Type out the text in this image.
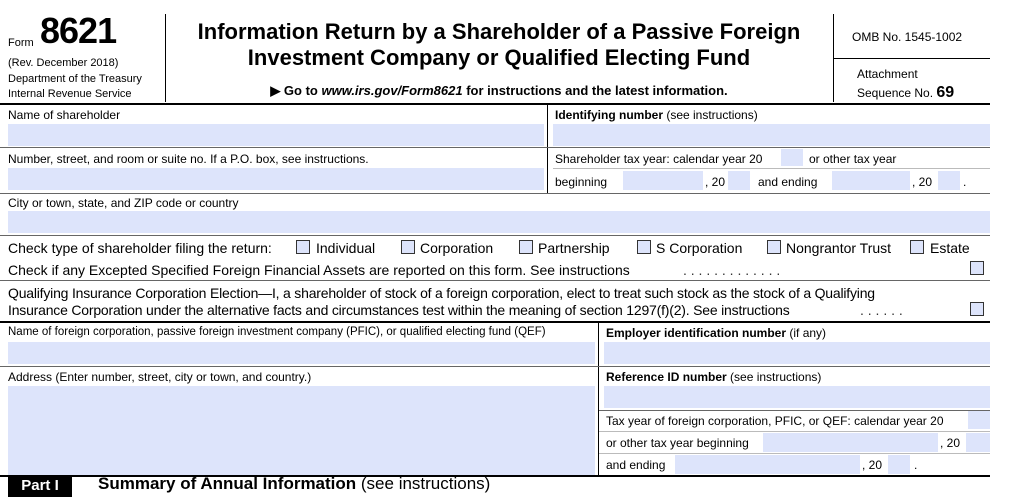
Form 8621
(Rev. December 2018)
Department of the Treasury
Internal Revenue Service
Information Return by a Shareholder of a Passive Foreign
Investment Company or Qualified Electing Fund
▶ Go to www.irs.gov/Form8621 for instructions and the latest information.
OMB No. 1545-1002
Attachment
Sequence No. 69
Name of shareholder	Identifying number (see instructions)
Number, street, and room or suite no. If a P.O. box, see instructions.	Shareholder tax year: calendar year 20	or other tax year
beginning	, 20	and ending	, 20	.
City or town, state, and ZIP code or country
Check type of shareholder filing the return:	Individual	Corporation	Partnership	S Corporation	Nongrantor Trust	Estate
Check if any Excepted Specified Foreign Financial Assets are reported on this form. See instructions	. . . . . . . . . . . . .
Qualifying Insurance Corporation Election—I, a shareholder of stock of a foreign corporation, elect to treat such stock as the stock of a Qualifying
Insurance Corporation under the alternative facts and circumstances test within the meaning of section 1297(f)(2). See instructions	. . . . . .
Name of foreign corporation, passive foreign investment company (PFIC), or qualified electing fund (QEF)	Employer identification number (if any)
Address (Enter number, street, city or town, and country.)	Reference ID number (see instructions)
Tax year of foreign corporation, PFIC, or QEF: calendar year 20
or other tax year beginning	, 20
and ending	, 20	.
Part I	Summary of Annual Information (see instructions)
